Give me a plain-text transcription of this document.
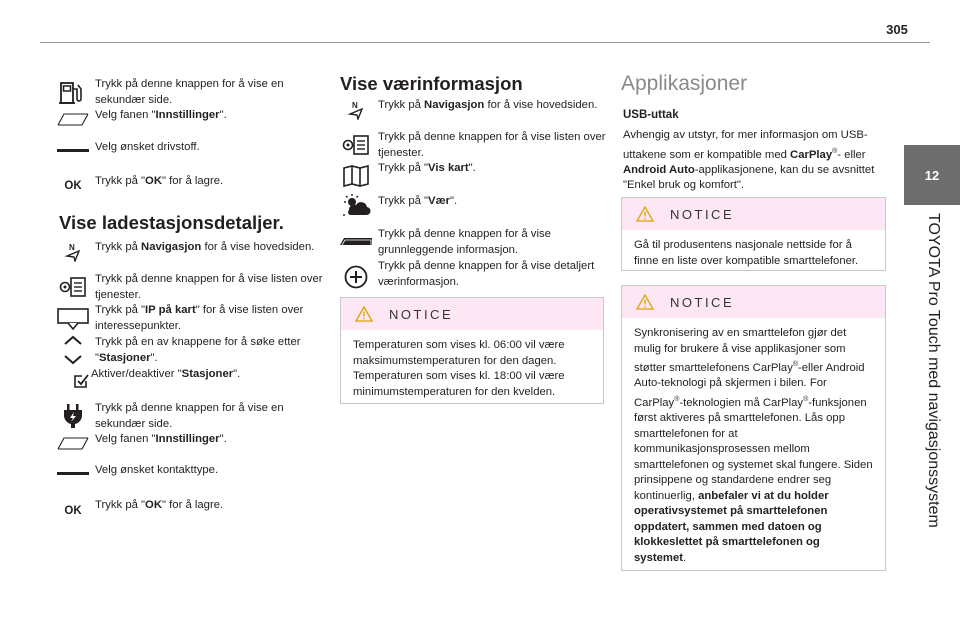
305
12
TOYOTA Pro Touch med navigasjonssystem
Trykk på denne knappen for å vise en sekundær side.
Velg fanen "Innstillinger".
Velg ønsket drivstoff.
OK Trykk på "OK" for å lagre.
Vise ladestasjonsdetaljer.
N Trykk på Navigasjon for å vise hovedsiden.
Trykk på denne knappen for å vise listen over tjenester.
Trykk på "IP på kart" for å vise listen over interessepunkter.
Trykk på en av knappene for å søke etter "Stasjoner".
Aktiver/deaktiver "Stasjoner".
Trykk på denne knappen for å vise en sekundær side.
Velg fanen "Innstillinger".
Velg ønsket kontakttype.
OK Trykk på "OK" for å lagre.
Vise værinformasjon
N Trykk på Navigasjon for å vise hovedsiden.
Trykk på denne knappen for å vise listen over tjenester.
Trykk på "Vis kart".
Trykk på "Vær".
Trykk på denne knappen for å vise grunnleggende informasjon.
Trykk på denne knappen for å vise detaljert værinformasjon.
NOTICE
Temperaturen som vises kl. 06:00 vil være maksimumstemperaturen for den dagen. Temperaturen som vises kl. 18:00 vil være minimumstemperaturen for den kvelden.
Applikasjoner
USB-uttak
Avhengig av utstyr, for mer informasjon om USB-uttakene som er kompatible med CarPlay®- eller Android Auto-applikasjonene, kan du se avsnittet "Enkel bruk og komfort".
NOTICE
Gå til produsentens nasjonale nettside for å finne en liste over kompatible smarttelefoner.
NOTICE
Synkronisering av en smarttelefon gjør det mulig for brukere å vise applikasjoner som støtter smarttelefonens CarPlay®-eller Android Auto-teknologi på skjermen i bilen. For CarPlay®-teknologien må CarPlay®-funksjonen først aktiveres på smarttelefonen. Lås opp smarttelefonen for at kommunikasjonsprosessen mellom smarttelefonen og systemet skal fungere. Siden prinsippene og standardene endrer seg kontinuerlig, anbefaler vi at du holder operativsystemet på smarttelefonen oppdatert, sammen med datoen og klokkeslettet på smarttelefonen og systemet.
